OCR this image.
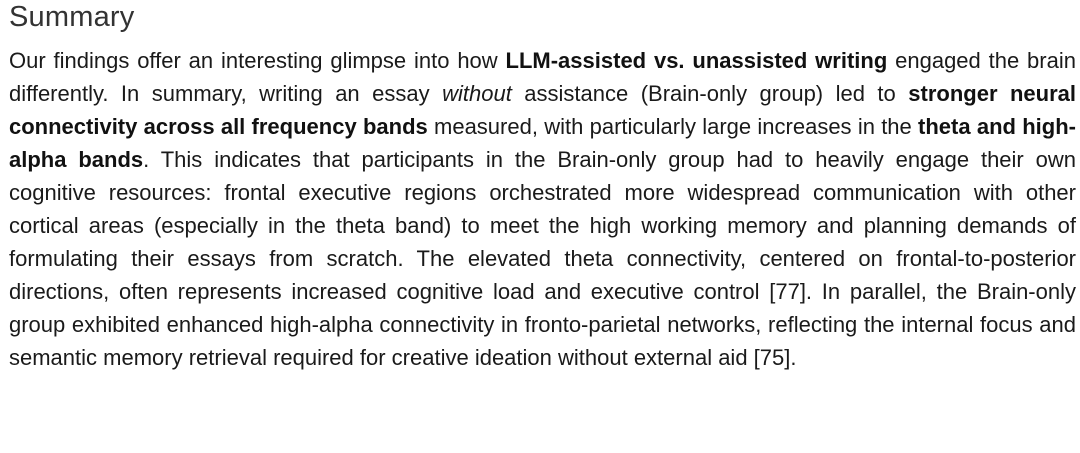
Summary

Our findings offer an interesting glimpse into how LLM-assisted vs. unassisted writing engaged the brain differently. In summary, writing an essay without assistance (Brain-only group) led to stronger neural connectivity across all frequency bands measured, with particularly large increases in the theta and high-alpha bands. This indicates that participants in the Brain-only group had to heavily engage their own cognitive resources: frontal executive regions orchestrated more widespread communication with other cortical areas (especially in the theta band) to meet the high working memory and planning demands of formulating their essays from scratch. The elevated theta connectivity, centered on frontal-to-posterior directions, often represents increased cognitive load and executive control [77]. In parallel, the Brain-only group exhibited enhanced high-alpha connectivity in fronto-parietal networks, reflecting the internal focus and semantic memory retrieval required for creative ideation without external aid [75].
